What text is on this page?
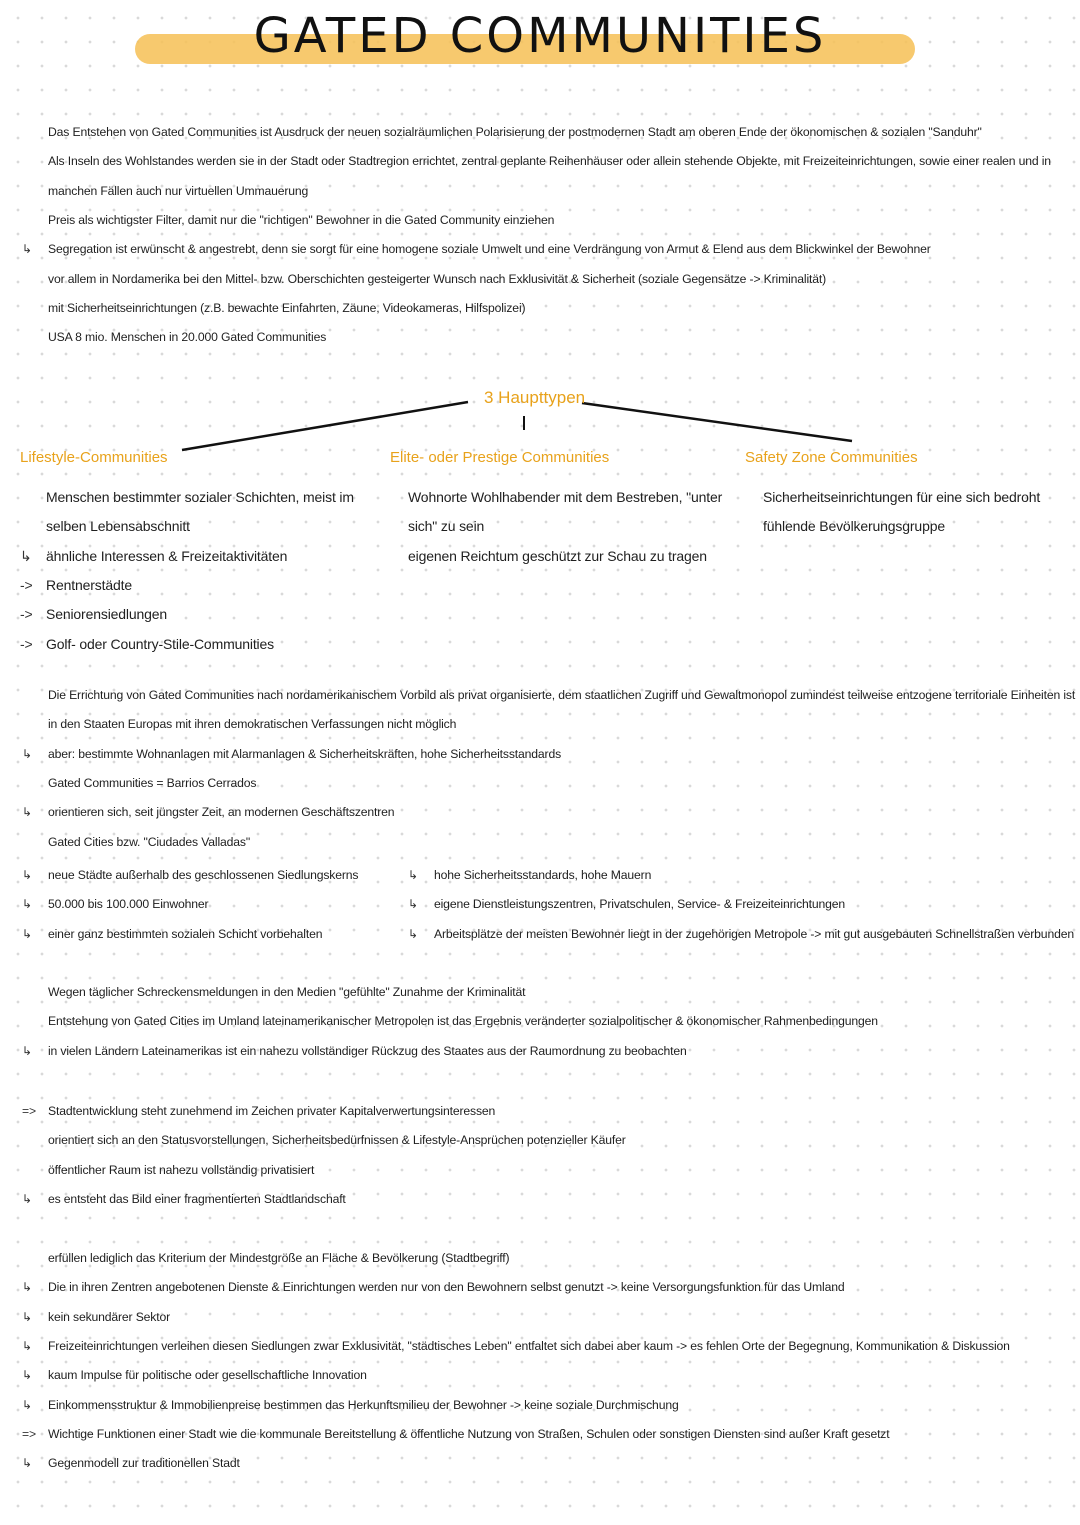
GATED COMMUNITIES
Das Entstehen von Gated Communities ist Ausdruck der neuen sozialräumlichen Polarisierung der postmodernen Stadt am oberen Ende der ökonomischen & sozialen "Sanduhr"
Als Inseln des Wohlstandes werden sie in der Stadt oder Stadtregion errichtet, zentral geplante Reihenhäuser oder allein stehende Objekte, mit Freizeiteinrichtungen, sowie einer realen und in
manchen Fällen auch nur virtuellen Ummauerung
Preis als wichtigster Filter, damit nur die "richtigen" Bewohner in die Gated Community einziehen
↳ Segregation ist erwünscht & angestrebt, denn sie sorgt für eine homogene soziale Umwelt und eine Verdrängung von Armut & Elend aus dem Blickwinkel der Bewohner
vor allem in Nordamerika bei den Mittel- bzw. Oberschichten gesteigerter Wunsch nach Exklusivität & Sicherheit (soziale Gegensätze -> Kriminalität)
mit Sicherheitseinrichtungen (z.B. bewachte Einfahrten, Zäune, Videokameras, Hilfspolizei)
USA 8 mio. Menschen in 20.000 Gated Communities
3 Haupttypen
Lifestyle-Communities
Menschen bestimmter sozialer Schichten, meist im
selben Lebensabschnitt
↳ ähnliche Interessen & Freizeitaktivitäten
-> Rentnerstädte
-> Seniorensiedlungen
-> Golf- oder Country-Stile-Communities
Elite- oder Prestige Communities
Wohnorte Wohlhabender mit dem Bestreben, "unter
sich" zu sein
eigenen Reichtum geschützt zur Schau zu tragen
Safety Zone Communities
Sicherheitseinrichtungen für eine sich bedroht
fühlende Bevölkerungsgruppe
Die Errichtung von Gated Communities nach nordamerikanischem Vorbild als privat organisierte, dem staatlichen Zugriff und Gewaltmonopol zumindest teilweise entzogene territoriale Einheiten ist
in den Staaten Europas mit ihren demokratischen Verfassungen nicht möglich
↳ aber: bestimmte Wohnanlagen mit Alarmanlagen & Sicherheitskräften, hohe Sicherheitsstandards
Gated Communities = Barrios Cerrados
↳ orientieren sich, seit jüngster Zeit, an modernen Geschäftszentren
Gated Cities bzw. "Ciudades Valladas"
↳ neue Städte außerhalb des geschlossenen Siedlungskerns
↳ 50.000 bis 100.000 Einwohner
↳ einer ganz bestimmten sozialen Schicht vorbehalten
↳ hohe Sicherheitsstandards, hohe Mauern
↳ eigene Dienstleistungszentren, Privatschulen, Service- & Freizeiteinrichtungen
↳ Arbeitsplätze der meisten Bewohner liegt in der zugehörigen Metropole -> mit gut ausgebauten Schnellstraßen verbunden
Wegen täglicher Schreckensmeldungen in den Medien "gefühlte" Zunahme der Kriminalität
Entstehung von Gated Cities im Umland lateinamerikanischer Metropolen ist das Ergebnis veränderter sozialpolitischer & ökonomischer Rahmenbedingungen
↳ in vielen Ländern Lateinamerikas ist ein nahezu vollständiger Rückzug des Staates aus der Raumordnung zu beobachten
=> Stadtentwicklung steht zunehmend im Zeichen privater Kapitalverwertungsinteressen
orientiert sich an den Statusvorstellungen, Sicherheitsbedürfnissen & Lifestyle-Ansprüchen potenzieller Käufer
öffentlicher Raum ist nahezu vollständig privatisiert
↳ es entsteht das Bild einer fragmentierten Stadtlandschaft
erfüllen lediglich das Kriterium der Mindestgröße an Fläche & Bevölkerung (Stadtbegriff)
↳ Die in ihren Zentren angebotenen Dienste & Einrichtungen werden nur von den Bewohnern selbst genutzt -> keine Versorgungsfunktion für das Umland
↳ kein sekundärer Sektor
↳ Freizeiteinrichtungen verleihen diesen Siedlungen zwar Exklusivität, "städtisches Leben" entfaltet sich dabei aber kaum -> es fehlen Orte der Begegnung, Kommunikation & Diskussion
↳ kaum Impulse für politische oder gesellschaftliche Innovation
↳ Einkommensstruktur & Immobilienpreise bestimmen das Herkunftsmilieu der Bewohner -> keine soziale Durchmischung
=> Wichtige Funktionen einer Stadt wie die kommunale Bereitstellung & öffentliche Nutzung von Straßen, Schulen oder sonstigen Diensten sind außer Kraft gesetzt
↳ Gegenmodell zur traditionellen Stadt
